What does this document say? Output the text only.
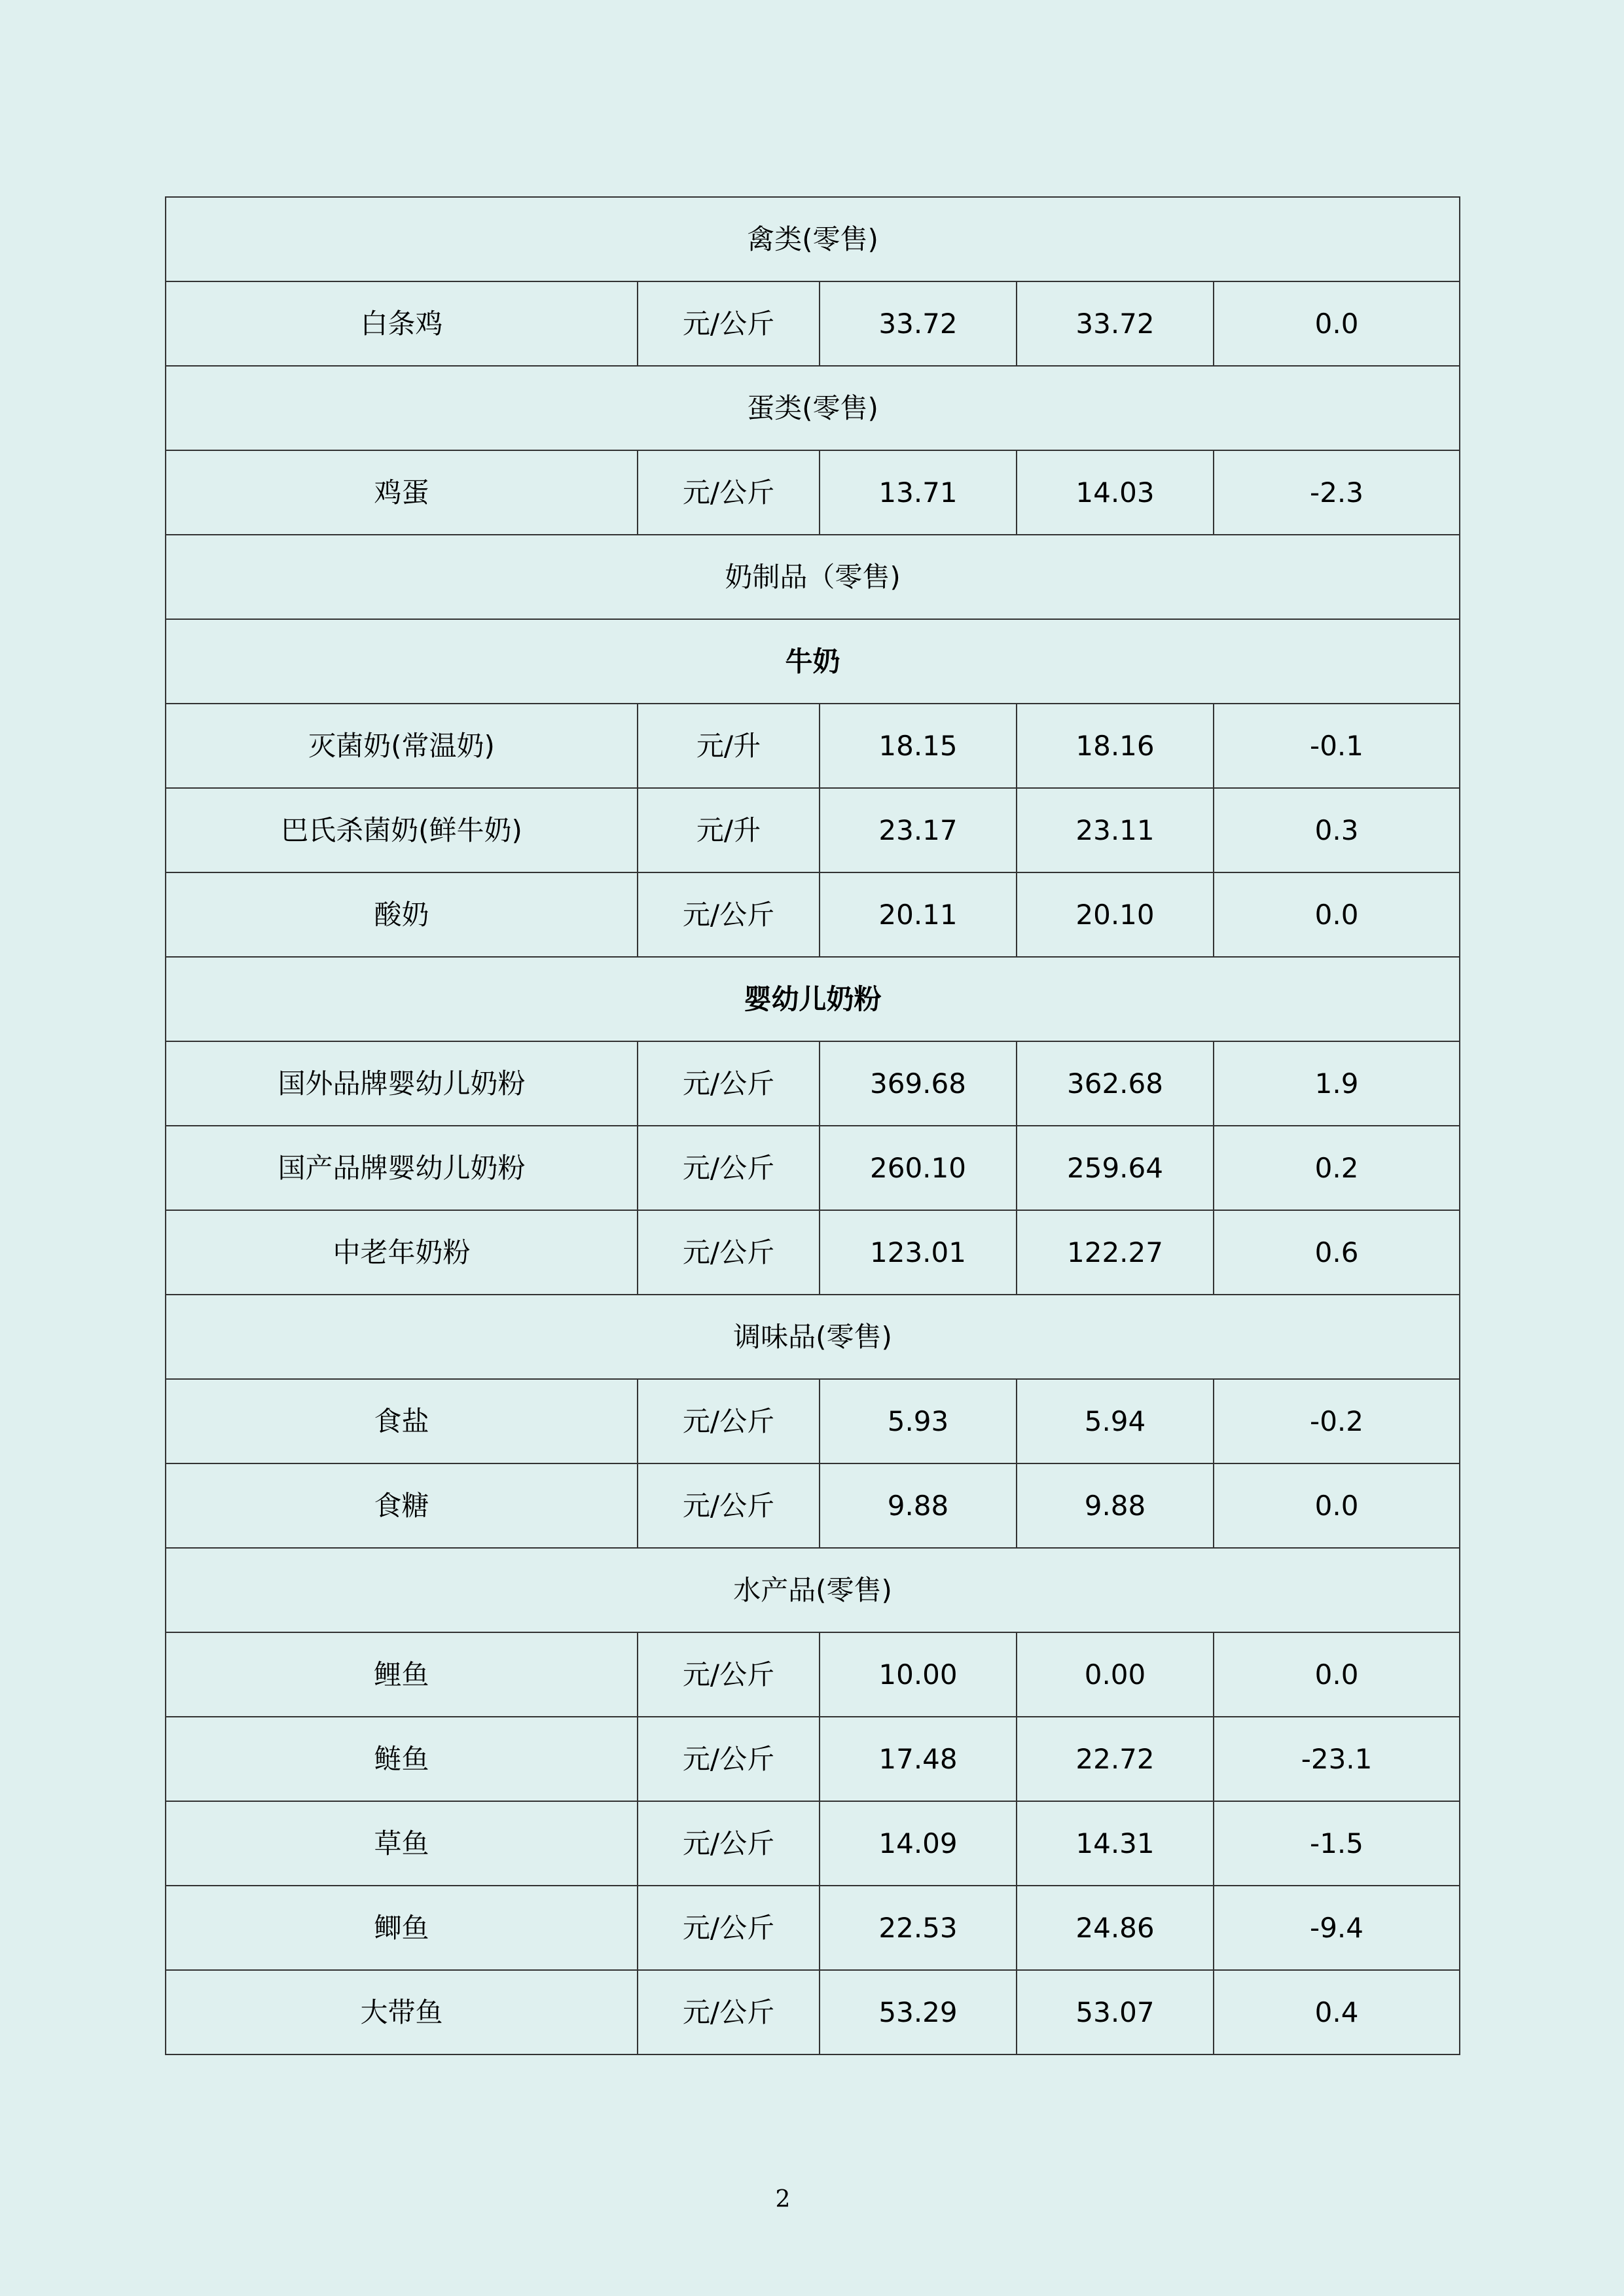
禽类(零售)				
白条鸡	元/公斤	33.72	33.72	0.0
蛋类(零售)				
鸡蛋	元/公斤	13.71	14.03	-2.3
奶制品（零售)				
牛奶				
灭菌奶(常温奶)	元/升	18.15	18.16	-0.1
巴氏杀菌奶(鲜牛奶)	元/升	23.17	23.11	0.3
酸奶	元/公斤	20.11	20.10	0.0
婴幼儿奶粉				
国外品牌婴幼儿奶粉	元/公斤	369.68	362.68	1.9
国产品牌婴幼儿奶粉	元/公斤	260.10	259.64	0.2
中老年奶粉	元/公斤	123.01	122.27	0.6
调味品(零售)				
食盐	元/公斤	5.93	5.94	-0.2
食糖	元/公斤	9.88	9.88	0.0
水产品(零售)				
鲤鱼	元/公斤	10.00	0.00	0.0
鲢鱼	元/公斤	17.48	22.72	-23.1
草鱼	元/公斤	14.09	14.31	-1.5
鲫鱼	元/公斤	22.53	24.86	-9.4
大带鱼	元/公斤	53.29	53.07	0.4
2
